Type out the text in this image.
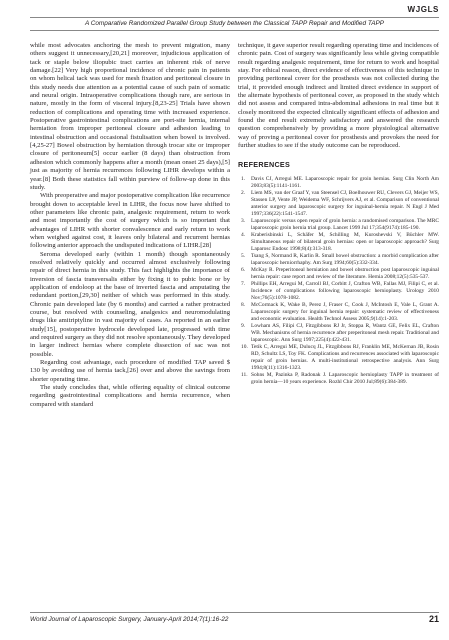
WJGLS
A Comparative Randomized Parallel Group Study between the Classical TAPP Repair and Modified TAPP

while most advocates anchoring the mesh to prevent migration, many others suggest it unnecessary,[20,21] moreover, injudicious application of tack or staple below iliopubic tract carries an inherent risk of nerve damage.[22] Very high proportional incidence of chronic pain in patients on whom helical tack was used for mesh fixation and peritoneal closure in this study needs due attention as a potential cause of such pain of somatic and neural origin. Intraoperative complications though rare, are serious in nature, mostly in the form of visceral injury.[8,23-25] Trials have shown reduction of complications and operating time with increased experience. Postoperative gastrointestinal complications are port-site hernia, internal herniation from improper peritoneal closure and adhesion leading to intestinal obstruction and occasional fistulisation when bowel is involved.[4,25-27] Bowel obstruction by herniation through trocar site or improper closure of peritoneum[5] occur earlier (8 days) than obstruction from adhesion which commonly happens after a month (mean onset 25 days),[5] just as majority of hernia recurrences following LIHR develops within a year.[8] Both these statistics fall within purview of follow-up done in this study.

With preoperative and major postoperative complication like recurrence brought down to acceptable level in LIHR, the focus now have shifted to other parameters like chronic pain, analgesic requirement, return to work and most importantly the cost of surgery which is so important that advantages of LIHR with shorter convalescence and early return to work when weighed against cost, it leaves only bilateral and recurrent hernias following anterior approach the undisputed indications of LIHR.[28]

Seroma developed early (within 1 month) though spontaneously resolved relatively quickly and occurred almost exclusively following repair of direct hernia in this study. This fact highlights the importance of inversion of fascia transversalis either by fixing it to pubic bone or by application of endoloop at the base of inverted fascia and amputating the redundant portion,[29,30] neither of which was performed in this study. Chronic pain developed late (by 6 months) and carried a rather protracted course, but resolved with counseling, analgesics and neuromodulating drugs like amitriptyline in vast majority of cases. As reported in an earlier study[15], postoperative hydrocele developed late, progressed with time and required surgery as they did not resolve spontaneously. They developed in larger indirect hernias where complete dissection of sac was not possible.

Regarding cost advantage, each procedure of modified TAP saved $ 130 by avoiding use of hernia tack,[26] over and above the savings from shorter operating time.

The study concludes that, while offering equality of clinical outcome regarding gastrointestinal complications and hernia recurrence, when compared with standard

technique, it gave superior result regarding operating time and incidences of chronic pain. Cost of surgery was significantly less while giving compatible result regarding analgesic requirement, time for return to work and hospital stay. For ethical reason, direct evidence of effectiveness of this technique in providing peritoneal cover for the prosthesis was not collected during the trial, it provided enough indirect and limited direct evidence in support of the alternate hypothesis of peritoneal cover, as proposed in the study which did not assess and compared intra-abdominal adhesions in real time but it closely monitored the expected clinically significant effects of adhesion and found the end result extremely satisfactory and answered the research question comprehensively by providing a more physiological alternative way of proving a peritoneal cover for prosthesis and provokes the need for further studies to see if the study outcome can be reproduced.

REFERENCES
1. Davis CJ, Arregui ME. Laparoscopic repair for groin hernias. Surg Clin North Am 2003;83(5):1141-1161.
2. Liem MS, van der Graaf Y, van Steensel CJ, Boelhouwer RU, Clevers GJ, Meijer WS, Stassen LP, Vente JP, Weidema WF, Schrijvers AJ, et al. Comparison of conventional anterior surgery and laparoscopic surgery for inguinal-hernia repair. N Engl J Med 1997;336(22):1541-1547.
3. Laparoscopic versus open repair of groin hernia: a randomised comparison. The MRC laparoscopic groin hernia trial group. Lancet 1999 Jul 17;354(9174):185-190.
4. Kraberisbinski L, Schäfer M, Schilling M, Kuroshevski V, Büchler MW. Simultaneous repair of bilateral groin hernias: open or laparoscopic approach? Surg Laparosc Endosc 1998;8(4):313-318.
5. Tsang S, Normand R, Karlin R. Small bowel obstruction: a morbid complication after laparoscopic herniorrhaphy. Am Surg 1994;60(5):332-334.
6. McKay R. Preperitoneal herniation and bowel obstruction post laparoscopic inguinal hernia repair: case report and review of the literature. Hernia 2008;12(5):535-537.
7. Phillips EH, Arregui M, Carroll BJ, Corbitt J, Crafton WB, Fallas MJ, Filipi C, et al. Incidence of complications following laparoscopic hernioplasty. Urology 2010 Nov;76(5):1078-1082.
8. McCormack K, Wake B, Perez J, Fraser C, Cook J, McIntosh E, Vale L, Grant A. Laparoscopic surgery for inguinal hernia repair: systematic review of effectiveness and economic evaluation. Health Technol Assess 2005;9(14):1-203.
9. Lowham AS, Filipi CJ, Fitzgibbons RJ Jr, Stoppa R, Wantz GE, Felix EL, Crafton WB. Mechanisms of hernia recurrence after preperitoneal mesh repair. Traditional and laparoscopic. Ann Surg 1997;225(4):422-431.
10. Tetik C, Arregui ME, Dulucq JL, Fitzgibbons RJ, Franklin ME, McKernan JB, Rosin RD, Schultz LS, Toy FK. Complications and recurrences associated with laparoscopic repair of groin hernias. A multi-institutional retrospective analysis. Ann Surg 1994;8(11):1316-1323.
11. Sohns M, Pazinka P, Radonak J. Laparoscopic hernioplasty TAPP in treatment of groin hernia—10 years experience. Rozhl Chir 2010 Jul;89(6):384-389.
World Journal of Laparoscopic Surgery, January-April 2014;7(1):16-22	21
